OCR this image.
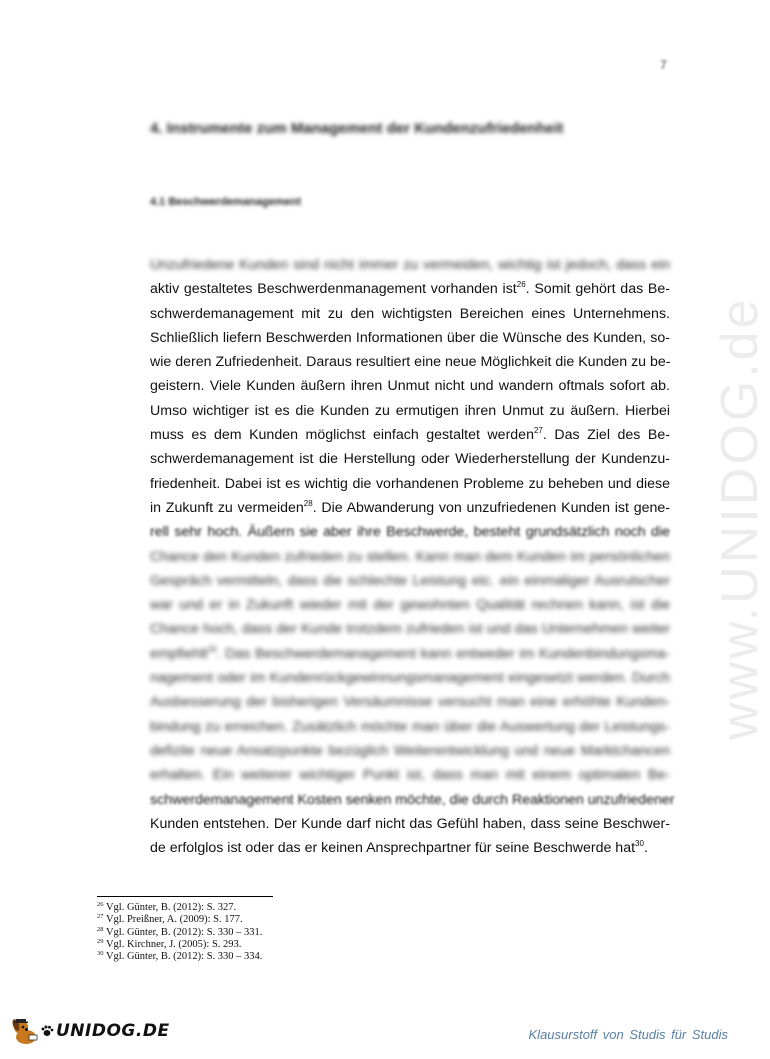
7
4. Instrumente zum Management der Kundenzufriedenheit
4.1 Beschwerdemanagement
Unzufriedene Kunden sind nicht immer zu vermeiden, wichtig ist jedoch, dass ein
aktiv gestaltetes Beschwerdenmanagement vorhanden ist$^{26}$. Somit gehört das Be-
schwerdemanagement mit zu den wichtigsten Bereichen eines Unternehmens.
Schließlich liefern Beschwerden Informationen über die Wünsche des Kunden, so-
wie deren Zufriedenheit. Daraus resultiert eine neue Möglichkeit die Kunden zu be-
geistern. Viele Kunden äußern ihren Unmut nicht und wandern oftmals sofort ab.
Umso wichtiger ist es die Kunden zu ermutigen ihren Unmut zu äußern. Hierbei
muss es dem Kunden möglichst einfach gestaltet werden$^{27}$. Das Ziel des Be-
schwerdemanagement ist die Herstellung oder Wiederherstellung der Kundenzu-
friedenheit. Dabei ist es wichtig die vorhandenen Probleme zu beheben und diese
in Zukunft zu vermeiden$^{28}$. Die Abwanderung von unzufriedenen Kunden ist gene-
rell sehr hoch. Äußern sie aber ihre Beschwerde, besteht grundsätzlich noch die
Chance den Kunden zufrieden zu stellen. Kann man dem Kunden im persönlichen
Gespräch vermitteln, dass die schlechte Leistung etc. ein einmaliger Ausrutscher
war und er in Zukunft wieder mit der gewohnten Qualität rechnen kann, ist die
Chance hoch, dass der Kunde trotzdem zufrieden ist und das Unternehmen weiter
empfiehlt$^{29}$. Das Beschwerdemanagement kann entweder im Kundenbindungsma-
nagement oder im Kundenrückgewinnungsmanagement eingesetzt werden. Durch
Ausbesserung der bisherigen Versäumnisse versucht man eine erhöhte Kunden-
bindung zu erreichen. Zusätzlich möchte man über die Auswertung der Leistungs-
defizite neue Ansatzpunkte bezüglich Weiterentwicklung und neue Marktchancen
erhalten. Ein weiterer wichtiger Punkt ist, dass man mit einem optimalen Be-
schwerdemanagement Kosten senken möchte, die durch Reaktionen unzufriedener
Kunden entstehen. Der Kunde darf nicht das Gefühl haben, dass seine Beschwer-
de erfolglos ist oder das er keinen Ansprechpartner für seine Beschwerde hat$^{30}$.
$^{26}$ Vgl. Günter, B. (2012): S. 327.
$^{27}$ Vgl. Preißner, A. (2009): S. 177.
$^{28}$ Vgl. Günter, B. (2012): S. 330 – 331.
$^{29}$ Vgl. Kirchner, J. (2005): S. 293.
$^{30}$ Vgl. Günter, B. (2012): S. 330 – 334.
www.UNIDOG.de
UNIDOG.DE	Klausurstoff von Studis für Studis
